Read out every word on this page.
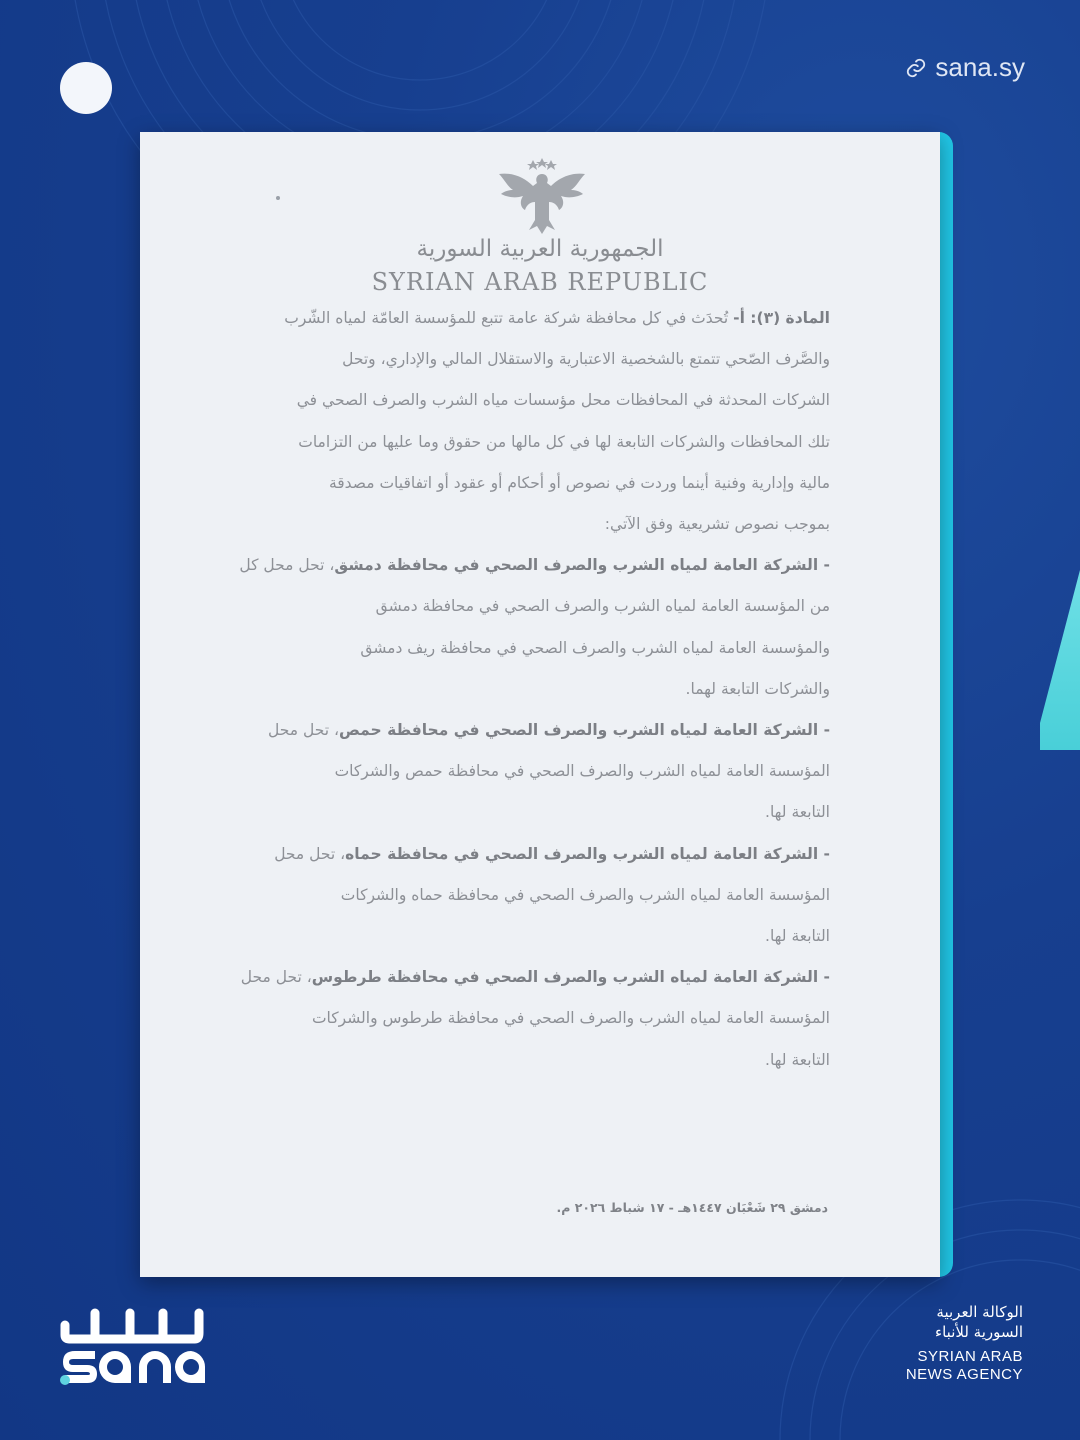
sana.sy
الجمهورية العربية السورية
SYRIAN ARAB REPUBLIC
المادة (٣): أ- تُحدَث في كل محافظة شركة عامة تتبع للمؤسسة العامّة لمياه الشّرب
والصَّرف الصّحي تتمتع بالشخصية الاعتبارية والاستقلال المالي والإداري، وتحل
الشركات المحدثة في المحافظات محل مؤسسات مياه الشرب والصرف الصحي في
تلك المحافظات والشركات التابعة لها في كل مالها من حقوق وما عليها من التزامات
مالية وإدارية وفنية أينما وردت في نصوص أو أحكام أو عقود أو اتفاقيات مصدقة
بموجب نصوص تشريعية وفق الآتي:
- الشركة العامة لمياه الشرب والصرف الصحي في محافظة دمشق، تحل محل كل
من المؤسسة العامة لمياه الشرب والصرف الصحي في محافظة دمشق
والمؤسسة العامة لمياه الشرب والصرف الصحي في محافظة ريف دمشق
والشركات التابعة لهما.
- الشركة العامة لمياه الشرب والصرف الصحي في محافظة حمص، تحل محل
المؤسسة العامة لمياه الشرب والصرف الصحي في محافظة حمص والشركات
التابعة لها.
- الشركة العامة لمياه الشرب والصرف الصحي في محافظة حماه، تحل محل
المؤسسة العامة لمياه الشرب والصرف الصحي في محافظة حماه والشركات
التابعة لها.
- الشركة العامة لمياه الشرب والصرف الصحي في محافظة طرطوس، تحل محل
المؤسسة العامة لمياه الشرب والصرف الصحي في محافظة طرطوس والشركات
التابعة لها.
دمشق ٢٩ شَعْبَان ١٤٤٧هـ - ١٧ شباط ٢٠٢٦ م.
الوكالة العربية
السورية للأنباء
SYRIAN ARAB
NEWS AGENCY
